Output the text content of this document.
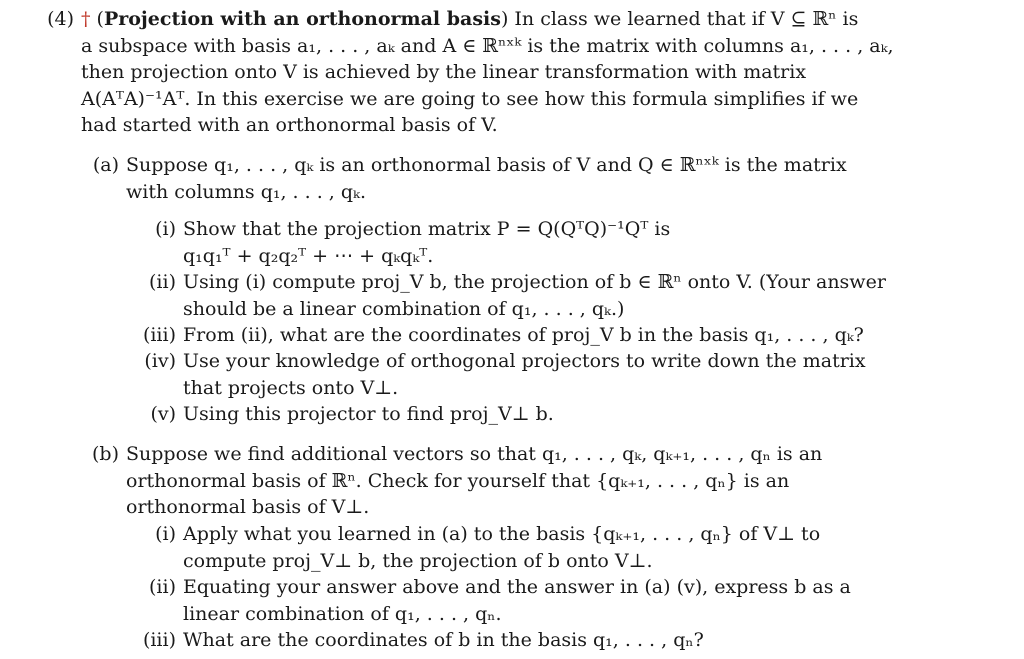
(4) † (Projection with an orthonormal basis) In class we learned that if V ⊆ ℝⁿ is
a subspace with basis a₁, . . . , aₖ and A ∈ ℝⁿˣᵏ is the matrix with columns a₁, . . . , aₖ,
then projection onto V is achieved by the linear transformation with matrix
A(AᵀA)⁻¹Aᵀ. In this exercise we are going to see how this formula simplifies if we
had started with an orthonormal basis of V.
(a) Suppose q₁, . . . , qₖ is an orthonormal basis of V and Q ∈ ℝⁿˣᵏ is the matrix
with columns q₁, . . . , qₖ.
(i) Show that the projection matrix P = Q(QᵀQ)⁻¹Qᵀ is
q₁q₁ᵀ + q₂q₂ᵀ + ⋯ + qₖqₖᵀ.
(ii) Using (i) compute proj_V b, the projection of b ∈ ℝⁿ onto V. (Your answer
should be a linear combination of q₁, . . . , qₖ.)
(iii) From (ii), what are the coordinates of proj_V b in the basis q₁, . . . , qₖ?
(iv) Use your knowledge of orthogonal projectors to write down the matrix
that projects onto V⊥.
(v) Using this projector to find proj_V⊥ b.
(b) Suppose we find additional vectors so that q₁, . . . , qₖ, qₖ₊₁, . . . , qₙ is an
orthonormal basis of ℝⁿ. Check for yourself that {qₖ₊₁, . . . , qₙ} is an
orthonormal basis of V⊥.
(i) Apply what you learned in (a) to the basis {qₖ₊₁, . . . , qₙ} of V⊥ to
compute proj_V⊥ b, the projection of b onto V⊥.
(ii) Equating your answer above and the answer in (a) (v), express b as a
linear combination of q₁, . . . , qₙ.
(iii) What are the coordinates of b in the basis q₁, . . . , qₙ?
